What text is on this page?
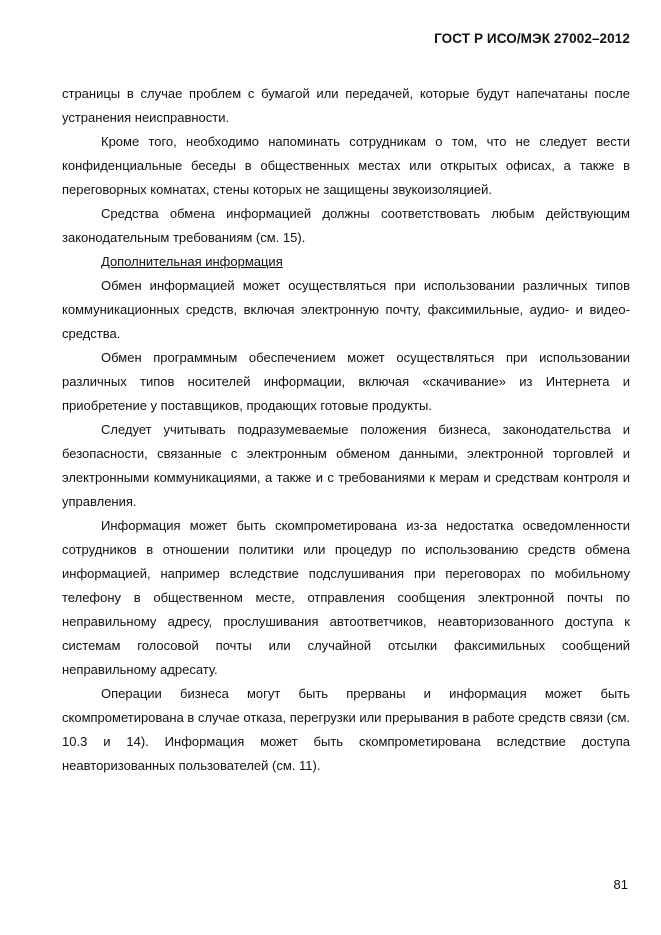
ГОСТ Р ИСО/МЭК 27002–2012

страницы в случае проблем с бумагой или передачей, которые будут напечатаны после устранения неисправности.

Кроме того, необходимо напоминать сотрудникам о том, что не следует вести конфиденциальные беседы в общественных местах или открытых офисах, а также в переговорных комнатах, стены которых не защищены звукоизоляцией.

Средства обмена информацией должны соответствовать любым действующим законодательным требованиям (см. 15).

Дополнительная информация

Обмен информацией может осуществляться при использовании различных типов коммуникационных средств, включая электронную почту, факсимильные, аудио- и видео-средства.

Обмен программным обеспечением может осуществляться при использовании различных типов носителей информации, включая «скачивание» из Интернета и приобретение у поставщиков, продающих готовые продукты.

Следует учитывать подразумеваемые положения бизнеса, законодательства и безопасности, связанные с электронным обменом данными, электронной торговлей и электронными коммуникациями, а также и с требованиями к мерам и средствам контроля и управления.

Информация может быть скомпрометирована из-за недостатка осведомленности сотрудников в отношении политики или процедур по использованию средств обмена информацией, например вследствие подслушивания при переговорах по мобильному телефону в общественном месте, отправления сообщения электронной почты по неправильному адресу, прослушивания автоответчиков, неавторизованного доступа к системам голосовой почты или случайной отсылки факсимильных сообщений неправильному адресату.

Операции бизнеса могут быть прерваны и информация может быть скомпрометирована в случае отказа, перегрузки или прерывания в работе средств связи (см. 10.3 и 14). Информация может быть скомпрометирована вследствие доступа неавторизованных пользователей (см. 11).

81
